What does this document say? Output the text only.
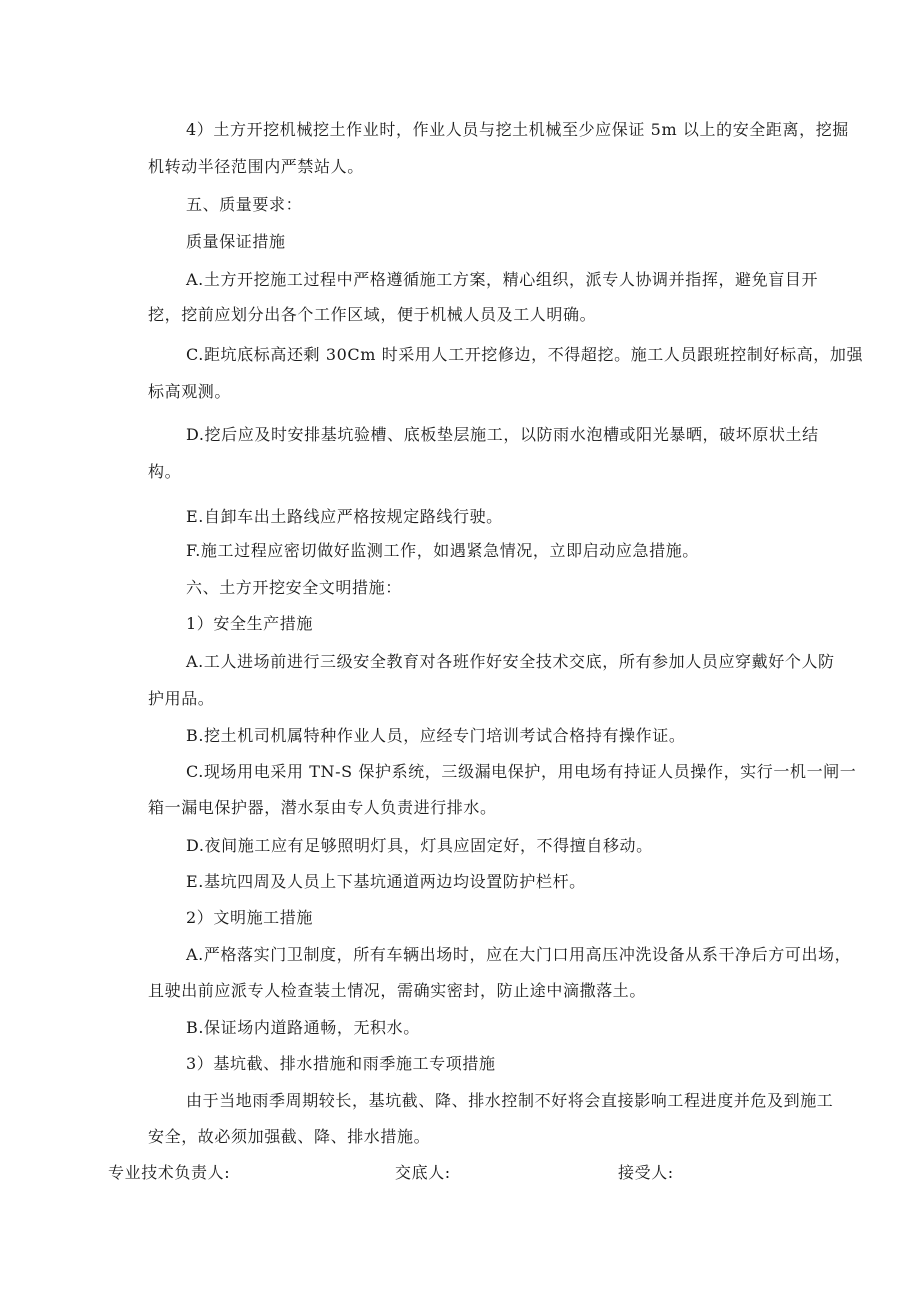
4）土方开挖机械挖土作业时，作业人员与挖土机械至少应保证 5m 以上的安全距离，挖掘
机转动半径范围内严禁站人。
五、质量要求：
质量保证措施
A.土方开挖施工过程中严格遵循施工方案，精心组织，派专人协调并指挥，避免盲目开
挖，挖前应划分出各个工作区域，便于机械人员及工人明确。
C.距坑底标高还剩 30Cm 时采用人工开挖修边，不得超挖。施工人员跟班控制好标高，加强
标高观测。
D.挖后应及时安排基坑验槽、底板垫层施工，以防雨水泡槽或阳光暴晒，破坏原状土结
构。
E.自卸车出土路线应严格按规定路线行驶。
F.施工过程应密切做好监测工作，如遇紧急情况，立即启动应急措施。
六、土方开挖安全文明措施：
1）安全生产措施
A.工人进场前进行三级安全教育对各班作好安全技术交底，所有参加人员应穿戴好个人防
护用品。
B.挖土机司机属特种作业人员，应经专门培训考试合格持有操作证。
C.现场用电采用 TN-S 保护系统，三级漏电保护，用电场有持证人员操作，实行一机一闸一
箱一漏电保护器，潜水泵由专人负责进行排水。
D.夜间施工应有足够照明灯具，灯具应固定好，不得擅自移动。
E.基坑四周及人员上下基坑通道两边均设置防护栏杆。
2）文明施工措施
A.严格落实门卫制度，所有车辆出场时，应在大门口用高压冲洗设备从系干净后方可出场，
且驶出前应派专人检查装土情况，需确实密封，防止途中滴撒落土。
B.保证场内道路通畅，无积水。
3）基坑截、排水措施和雨季施工专项措施
由于当地雨季周期较长，基坑截、降、排水控制不好将会直接影响工程进度并危及到施工
安全，故必须加强截、降、排水措施。
专业技术负责人:	交底人:	接受人:
